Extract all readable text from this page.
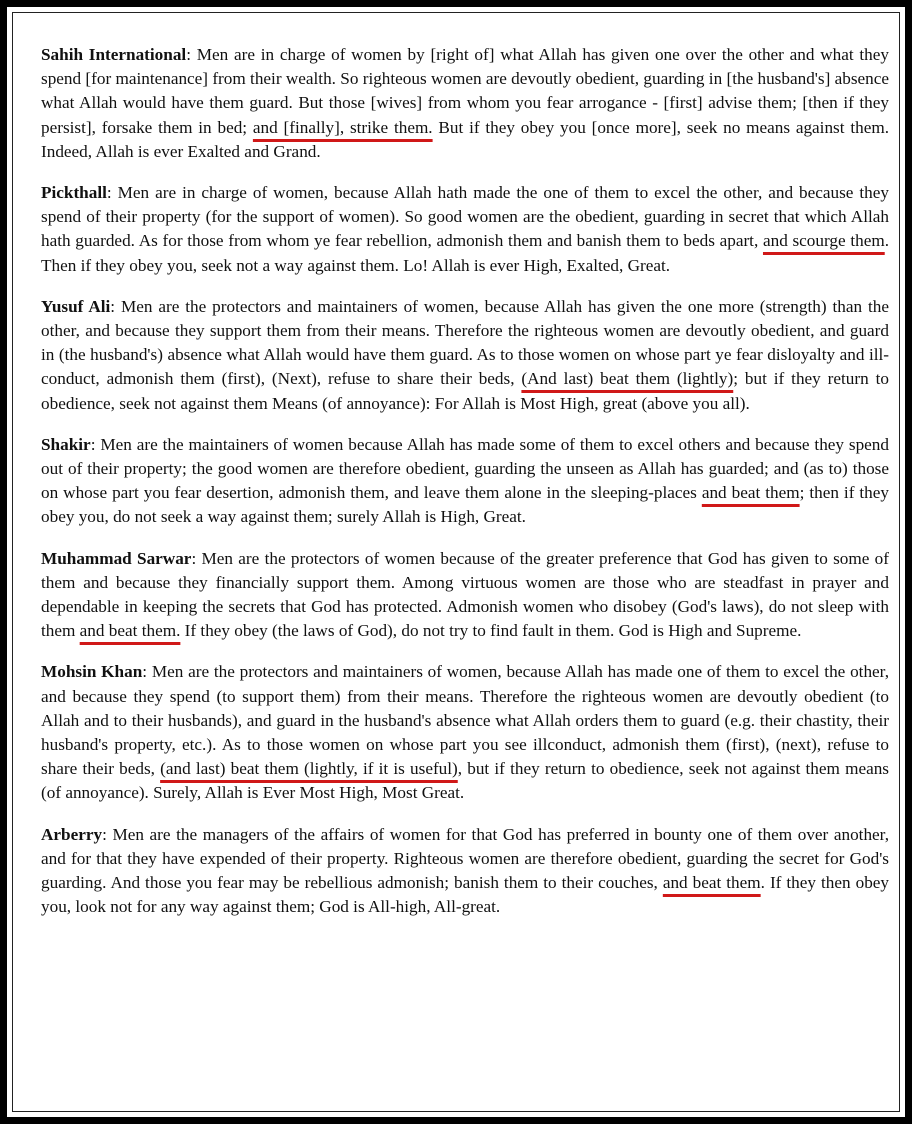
Sahih International: Men are in charge of women by [right of] what Allah has given one over the other and what they spend [for maintenance] from their wealth. So righteous women are devoutly obedient, guarding in [the husband's] absence what Allah would have them guard. But those [wives] from whom you fear arrogance - [first] advise them; [then if they persist], forsake them in bed; and [finally], strike them. But if they obey you [once more], seek no means against them. Indeed, Allah is ever Exalted and Grand.

Pickthall: Men are in charge of women, because Allah hath made the one of them to excel the other, and because they spend of their property (for the support of women). So good women are the obedient, guarding in secret that which Allah hath guarded. As for those from whom ye fear rebellion, admonish them and banish them to beds apart, and scourge them. Then if they obey you, seek not a way against them. Lo! Allah is ever High, Exalted, Great.

Yusuf Ali: Men are the protectors and maintainers of women, because Allah has given the one more (strength) than the other, and because they support them from their means. Therefore the righteous women are devoutly obedient, and guard in (the husband's) absence what Allah would have them guard. As to those women on whose part ye fear disloyalty and ill-conduct, admonish them (first), (Next), refuse to share their beds, (And last) beat them (lightly); but if they return to obedience, seek not against them Means (of annoyance): For Allah is Most High, great (above you all).

Shakir: Men are the maintainers of women because Allah has made some of them to excel others and because they spend out of their property; the good women are therefore obedient, guarding the unseen as Allah has guarded; and (as to) those on whose part you fear desertion, admonish them, and leave them alone in the sleeping-places and beat them; then if they obey you, do not seek a way against them; surely Allah is High, Great.

Muhammad Sarwar: Men are the protectors of women because of the greater preference that God has given to some of them and because they financially support them. Among virtuous women are those who are steadfast in prayer and dependable in keeping the secrets that God has protected. Admonish women who disobey (God's laws), do not sleep with them and beat them. If they obey (the laws of God), do not try to find fault in them. God is High and Supreme.

Mohsin Khan: Men are the protectors and maintainers of women, because Allah has made one of them to excel the other, and because they spend (to support them) from their means. Therefore the righteous women are devoutly obedient (to Allah and to their husbands), and guard in the husband's absence what Allah orders them to guard (e.g. their chastity, their husband's property, etc.). As to those women on whose part you see illconduct, admonish them (first), (next), refuse to share their beds, (and last) beat them (lightly, if it is useful), but if they return to obedience, seek not against them means (of annoyance). Surely, Allah is Ever Most High, Most Great.

Arberry: Men are the managers of the affairs of women for that God has preferred in bounty one of them over another, and for that they have expended of their property. Righteous women are therefore obedient, guarding the secret for God's guarding. And those you fear may be rebellious admonish; banish them to their couches, and beat them. If they then obey you, look not for any way against them; God is All-high, All-great.
